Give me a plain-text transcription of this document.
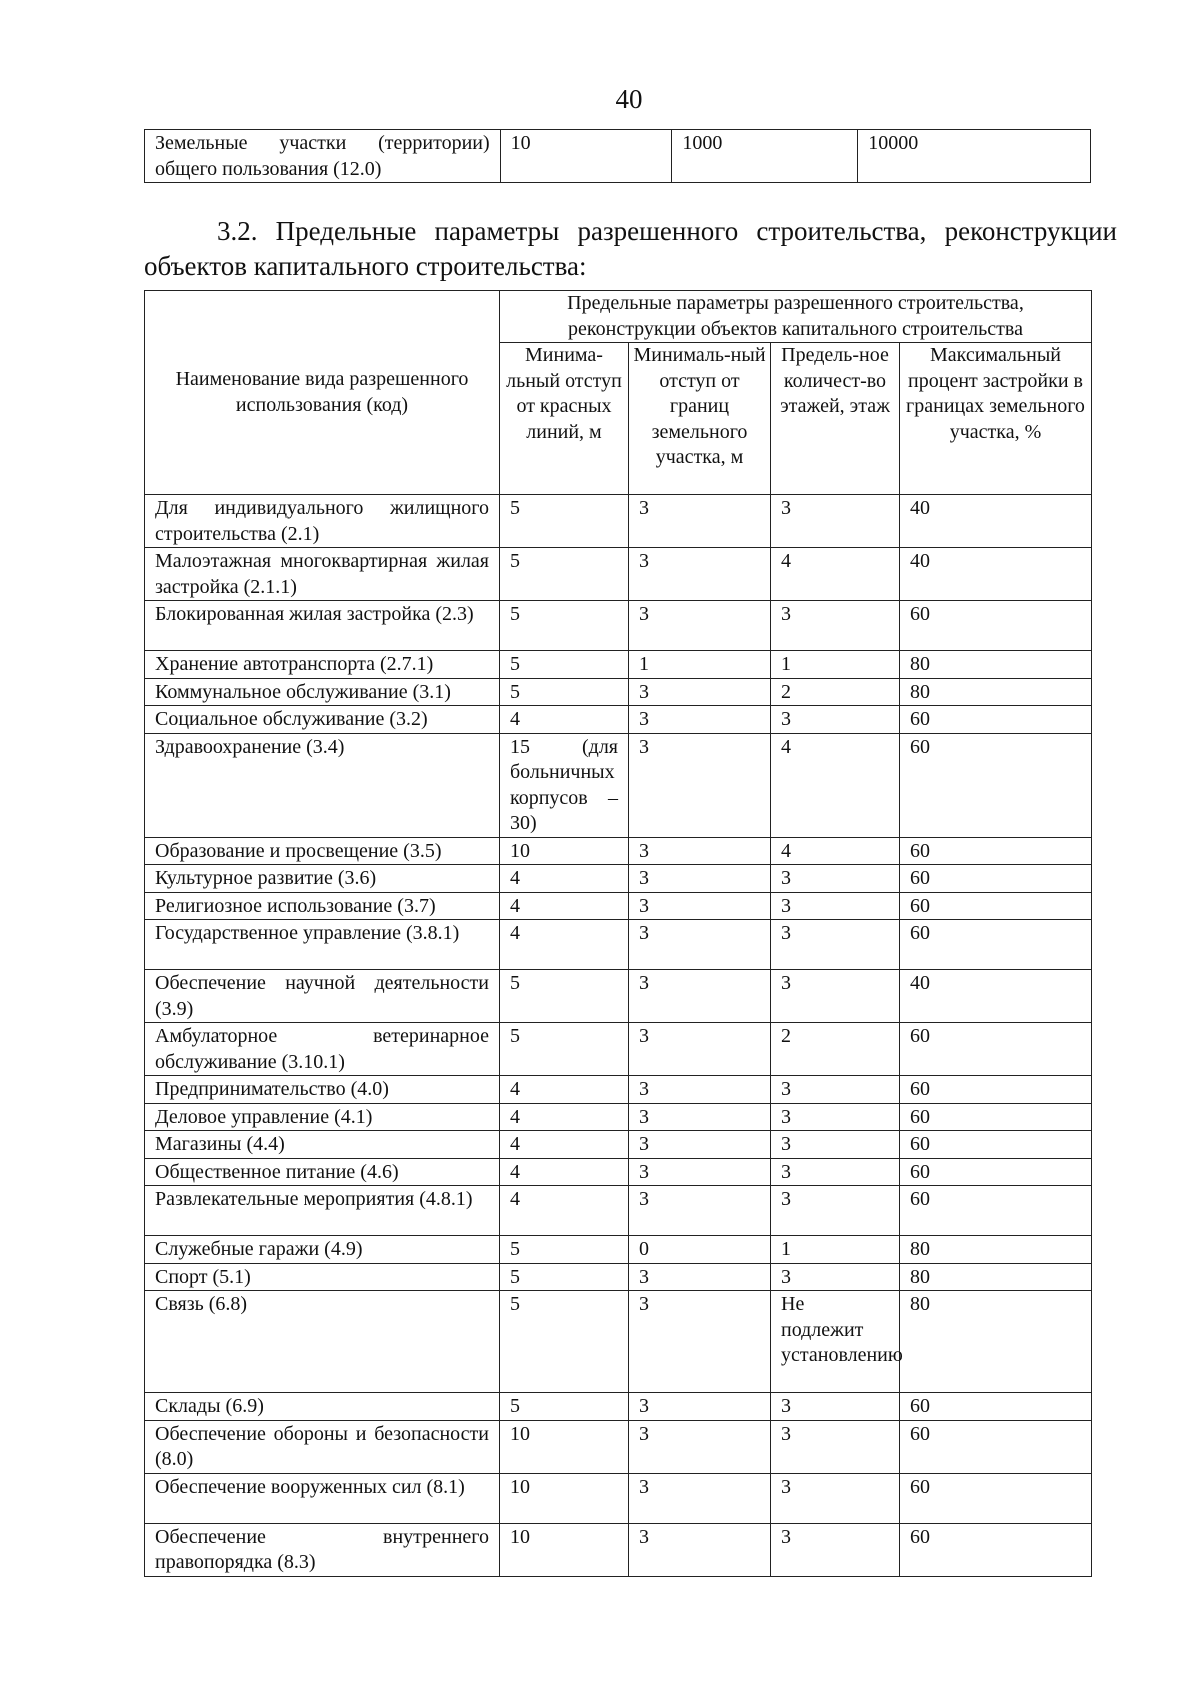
40
Земельные участки (территории) общего пользования (12.0)	10	1000	10000
3.2. Предельные параметры разрешенного строительства, реконструкции объектов капитального строительства:
Наименование вида разрешенного использования (код)	Предельные параметры разрешенного строительства, реконструкции объектов капитального строительства			
	Минима-льный отступ от красных линий, м	Минималь-ный отступ от границ земельного участка, м	Предель-ное количест-во этажей, этаж	Максимальный процент застройки в границах земельного участка, %
Для индивидуального жилищного строительства (2.1)	5	3	3	40
Малоэтажная многоквартирная жилая застройка (2.1.1)	5	3	4	40
Блокированная жилая застройка (2.3)	5	3	3	60
Хранение автотранспорта (2.7.1)	5	1	1	80
Коммунальное обслуживание (3.1)	5	3	2	80
Социальное обслуживание (3.2)	4	3	3	60
Здравоохранение (3.4)	15 (для больничных корпусов – 30)	3	4	60
Образование и просвещение (3.5)	10	3	4	60
Культурное развитие (3.6)	4	3	3	60
Религиозное использование (3.7)	4	3	3	60
Государственное управление (3.8.1)	4	3	3	60
Обеспечение научной деятельности (3.9)	5	3	3	40
Амбулаторное ветеринарное обслуживание (3.10.1)	5	3	2	60
Предпринимательство (4.0)	4	3	3	60
Деловое управление (4.1)	4	3	3	60
Магазины (4.4)	4	3	3	60
Общественное питание (4.6)	4	3	3	60
Развлекательные мероприятия (4.8.1)	4	3	3	60
Служебные гаражи (4.9)	5	0	1	80
Спорт (5.1)	5	3	3	80
Связь (6.8)	5	3	Не подлежит установлению	80
Склады (6.9)	5	3	3	60
Обеспечение обороны и безопасности (8.0)	10	3	3	60
Обеспечение вооруженных сил (8.1)	10	3	3	60
Обеспечение внутреннего правопорядка (8.3)	10	3	3	60
